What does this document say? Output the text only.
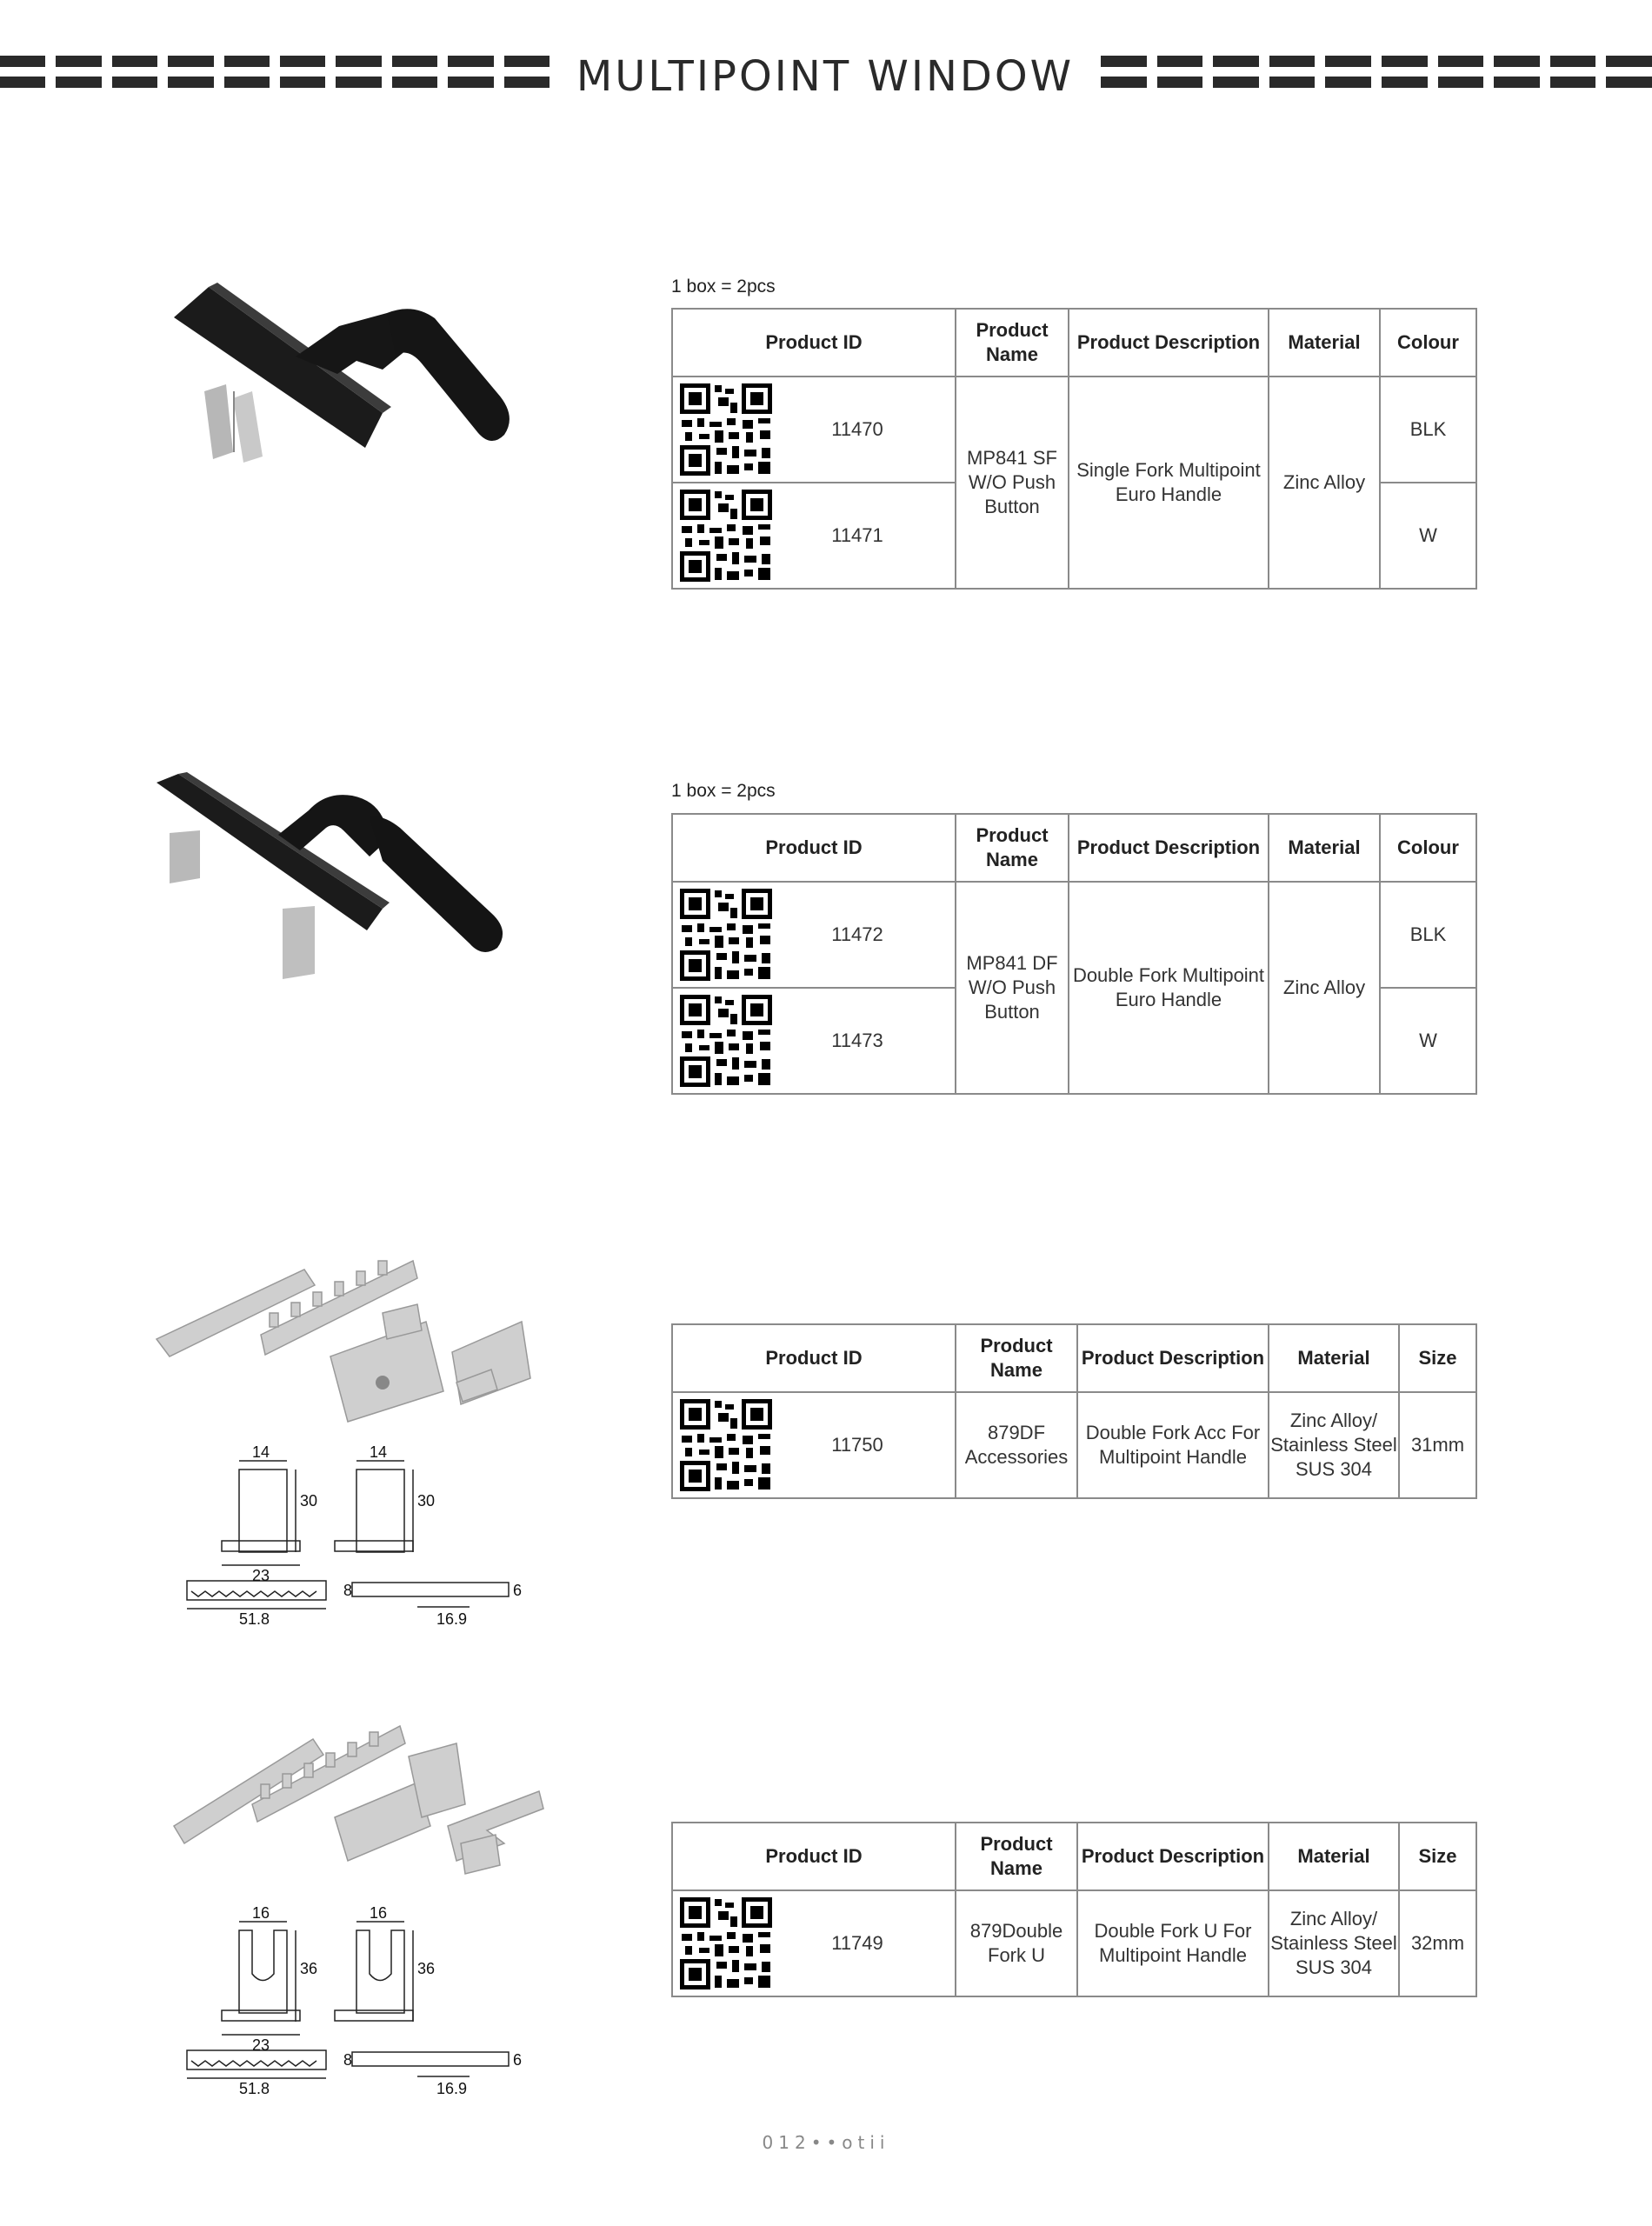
MULTIPOINT WINDOW
1 box = 2pcs
Product ID	Product Name	Product Description	Material	Colour

11470	MP841 SF W/O Push Button	Single Fork Multipoint Euro Handle	Zinc Alloy	BLK

11471				W
1 box = 2pcs
Product ID	Product Name	Product Description	Material	Colour

11472	MP841 DF W/O Push Button	Double Fork Multipoint Euro Handle	Zinc Alloy	BLK

11473				W
14
30
23
14
30
51.8
8	6
16.9
Product ID	Product Name	Product Description	Material	Size

11750	879DF Accessories	Double Fork Acc For Multipoint Handle	Zinc Alloy/ Stainless Steel SUS 304	31mm
16
36
23
16
36
51.8
8	6
16.9
Product ID	Product Name	Product Description	Material	Size

11749	879Double Fork U	Double Fork U For Multipoint Handle	Zinc Alloy/ Stainless Steel SUS 304	32mm
012••otii
